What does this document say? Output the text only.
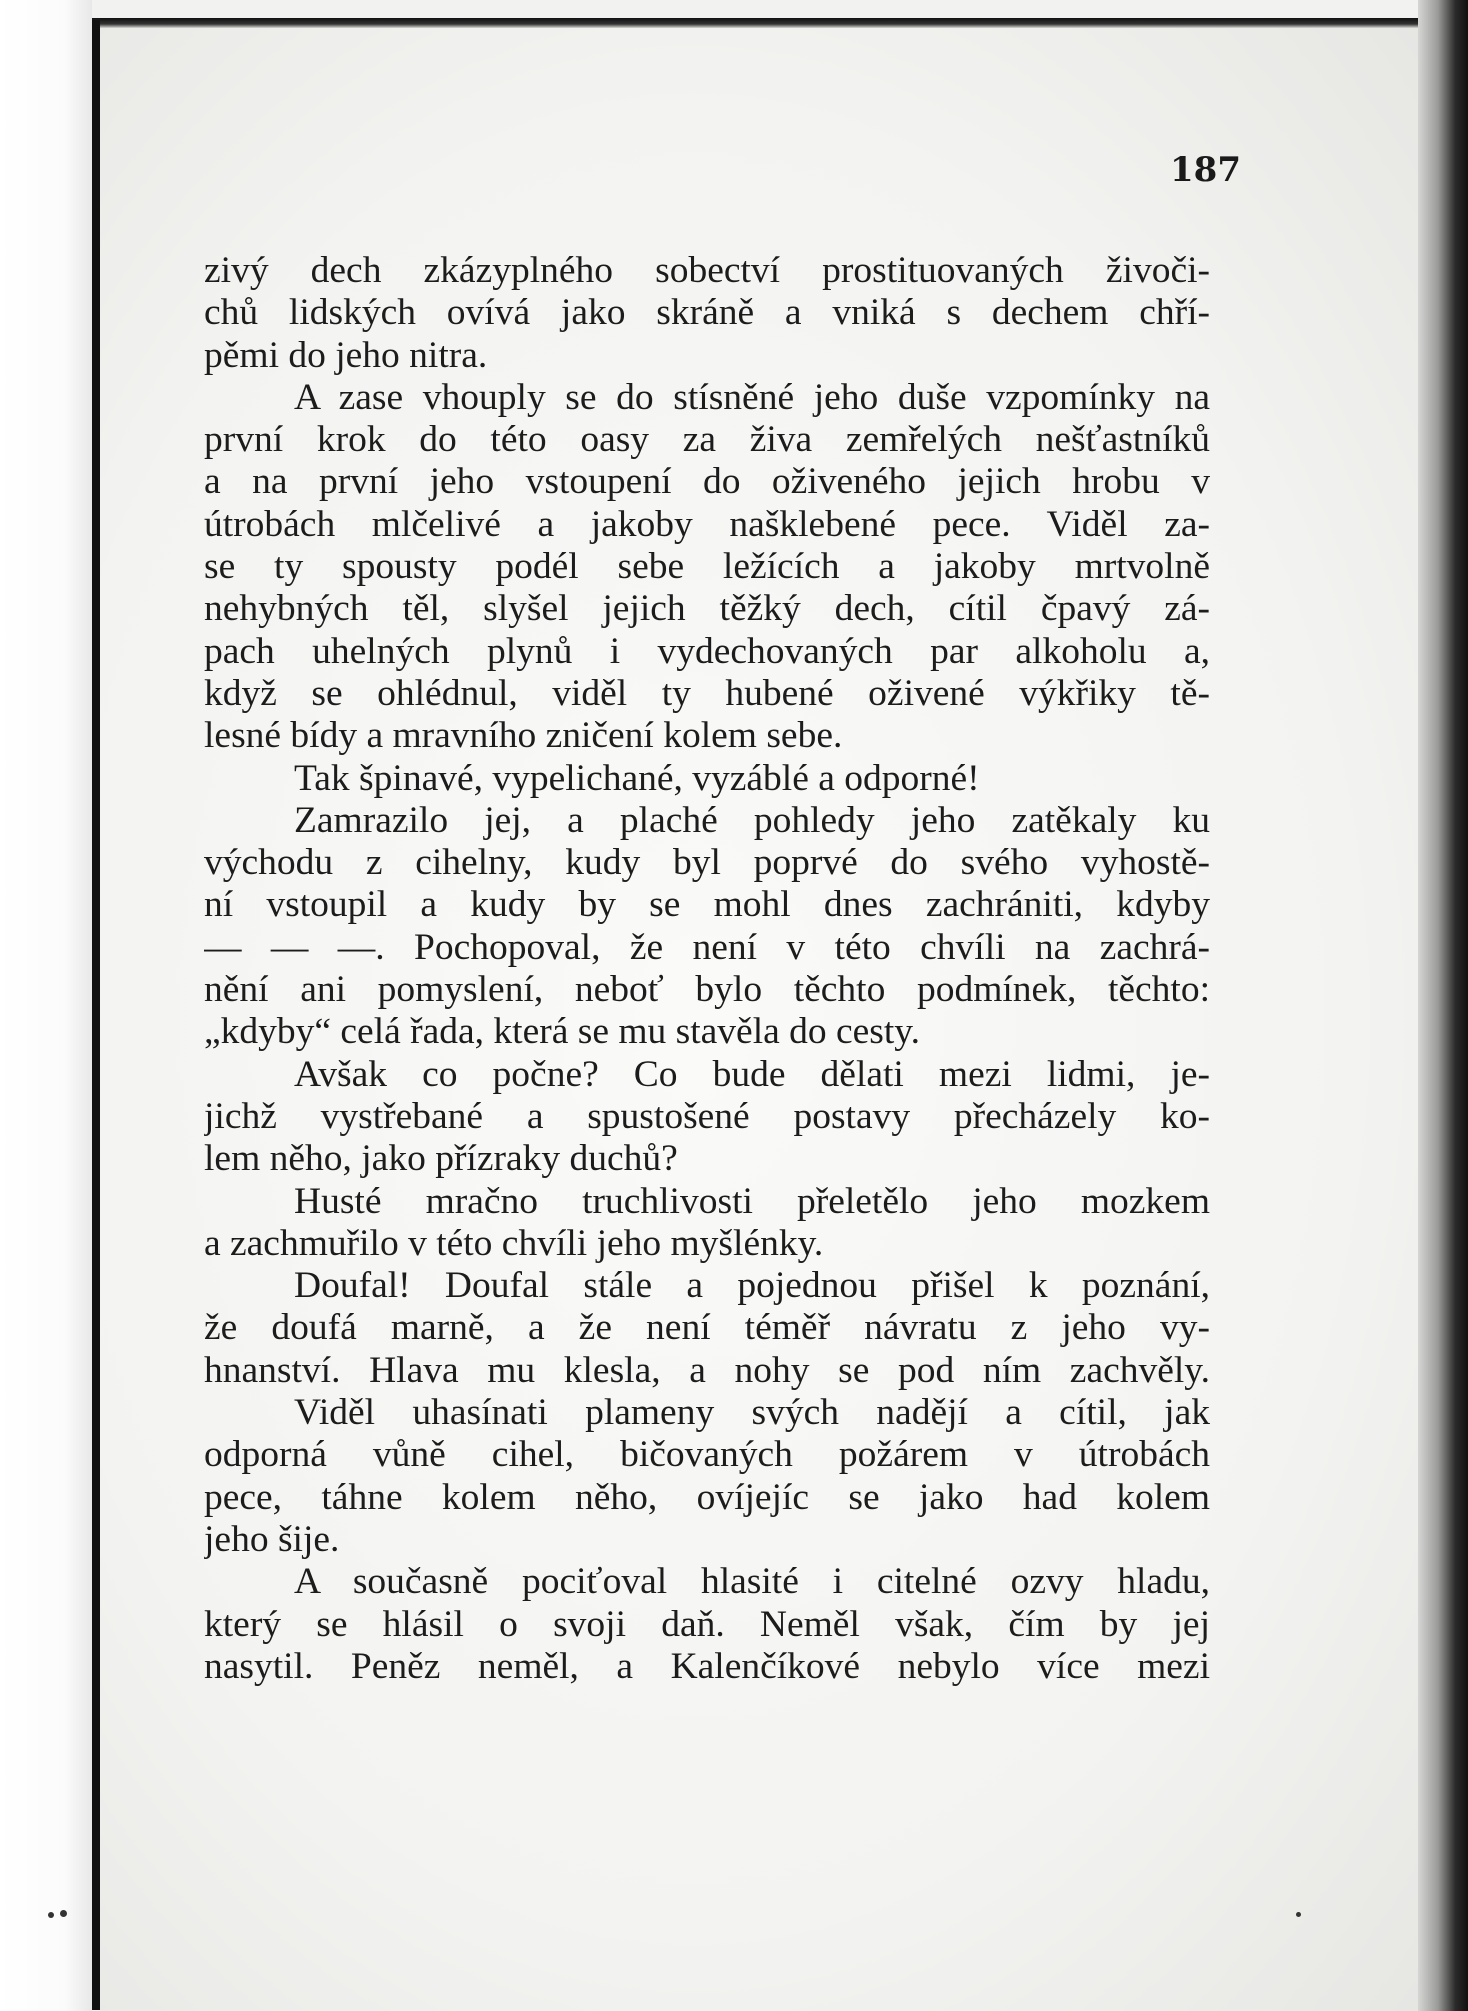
187
zivý dech zkázyplného sobectví prostituovaných živoči-
chů lidských ovívá jako skráně a vniká s dechem chří-
pěmi do jeho nitra.
A zase vhouply se do stísněné jeho duše vzpomínky na
první krok do této oasy za živa zemřelých nešťastníků
a na první jeho vstoupení do oživeného jejich hrobu v
útrobách mlčelivé a jakoby našklebené pece. Viděl za-
se ty spousty podél sebe ležících a jakoby mrtvolně
nehybných těl, slyšel jejich těžký dech, cítil čpavý zá-
pach uhelných plynů i vydechovaných par alkoholu a,
když se ohlédnul, viděl ty hubené oživené výkřiky tě-
lesné bídy a mravního zničení kolem sebe.
Tak špinavé, vypelichané, vyzáblé a odporné!
Zamrazilo jej, a plaché pohledy jeho zatěkaly ku
východu z cihelny, kudy byl poprvé do svého vyhostě-
ní vstoupil a kudy by se mohl dnes zachrániti, kdyby
— — —. Pochopoval, že není v této chvíli na zachrá-
nění ani pomyslení, neboť bylo těchto podmínek, těchto:
„kdyby“ celá řada, která se mu stavěla do cesty.
Avšak co počne? Co bude dělati mezi lidmi, je-
jichž vystřebané a spustošené postavy přecházely ko-
lem něho, jako přízraky duchů?
Husté mračno truchlivosti přeletělo jeho mozkem
a zachmuřilo v této chvíli jeho myšlénky.
Doufal! Doufal stále a pojednou přišel k poznání,
že doufá marně, a že není téměř návratu z jeho vy-
hnanství. Hlava mu klesla, a nohy se pod ním zachvěly.
Viděl uhasínati plameny svých nadějí a cítil, jak
odporná vůně cihel, bičovaných požárem v útrobách
pece, táhne kolem něho, ovíjejíc se jako had kolem
jeho šije.
A současně pociťoval hlasité i citelné ozvy hladu,
který se hlásil o svoji daň. Neměl však, čím by jej
nasytil. Peněz neměl, a Kalenčíkové nebylo více mezi
